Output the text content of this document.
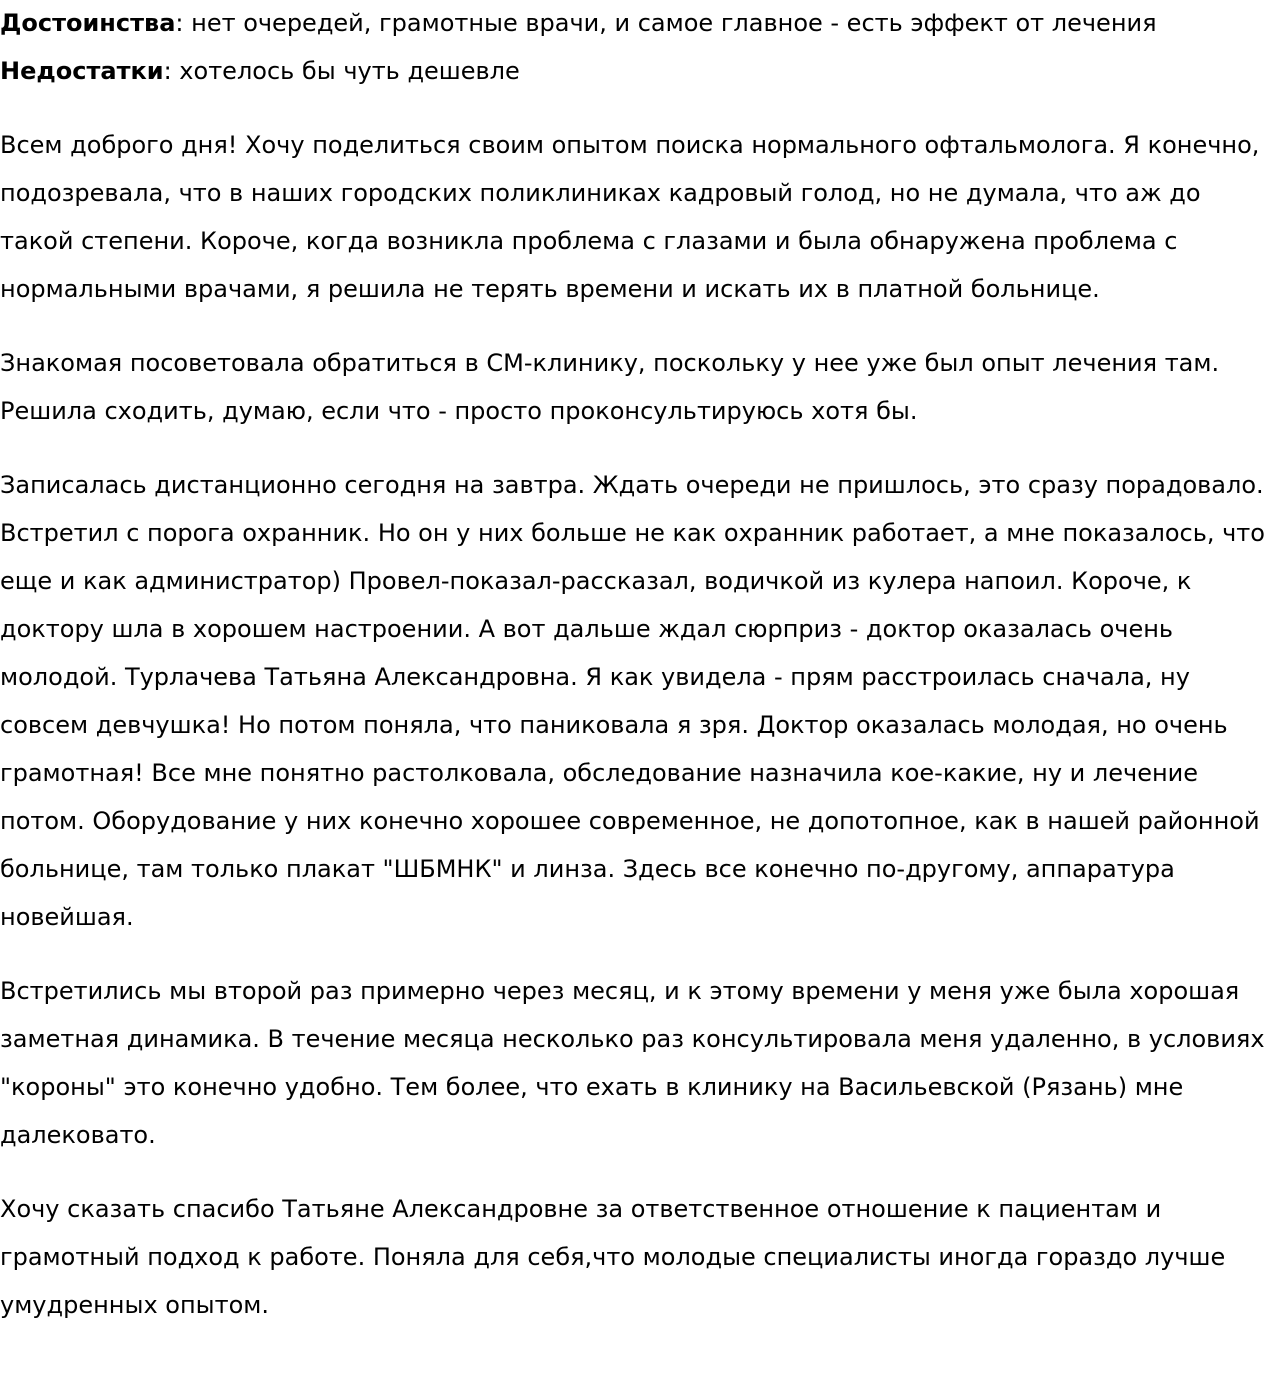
Достоинства: нет очередей, грамотные врачи, и самое главное - есть эффект от лечения

Недостатки: хотелось бы чуть дешевле

Всем доброго дня! Хочу поделиться своим опытом поиска нормального офтальмолога. Я конечно, подозревала, что в наших городских поликлиниках кадровый голод, но не думала, что аж до такой степени. Короче, когда возникла проблема с глазами и была обнаружена проблема с нормальными врачами, я решила не терять времени и искать их в платной больнице.

Знакомая посоветовала обратиться в СМ-клинику, поскольку у нее уже был опыт лечения там. Решила сходить, думаю, если что - просто проконсультируюсь хотя бы.

Записалась дистанционно сегодня на завтра. Ждать очереди не пришлось, это сразу порадовало. Встретил с порога охранник. Но он у них больше не как охранник работает, а мне показалось, что еще и как администратор) Провел-показал-рассказал, водичкой из кулера напоил. Короче, к доктору шла в хорошем настроении. А вот дальше ждал сюрприз - доктор оказалась очень молодой. Турлачева Татьяна Александровна. Я как увидела - прям расстроилась сначала, ну совсем девчушка! Но потом поняла, что паниковала я зря. Доктор оказалась молодая, но очень грамотная! Все мне понятно растолковала, обследование назначила кое-какие, ну и лечение потом. Оборудование у них конечно хорошее современное, не допотопное, как в нашей районной больнице, там только плакат "ШБМНК" и линза. Здесь все конечно по-другому, аппаратура новейшая.

Встретились мы второй раз примерно через месяц, и к этому времени у меня уже была хорошая заметная динамика. В течение месяца несколько раз консультировала меня удаленно, в условиях "короны" это конечно удобно. Тем более, что ехать в клинику на Васильевской (Рязань) мне далековато.

Хочу сказать спасибо Татьяне Александровне за ответственное отношение к пациентам и грамотный подход к работе. Поняла для себя,что молодые специалисты иногда гораздо лучше умудренных опытом.
